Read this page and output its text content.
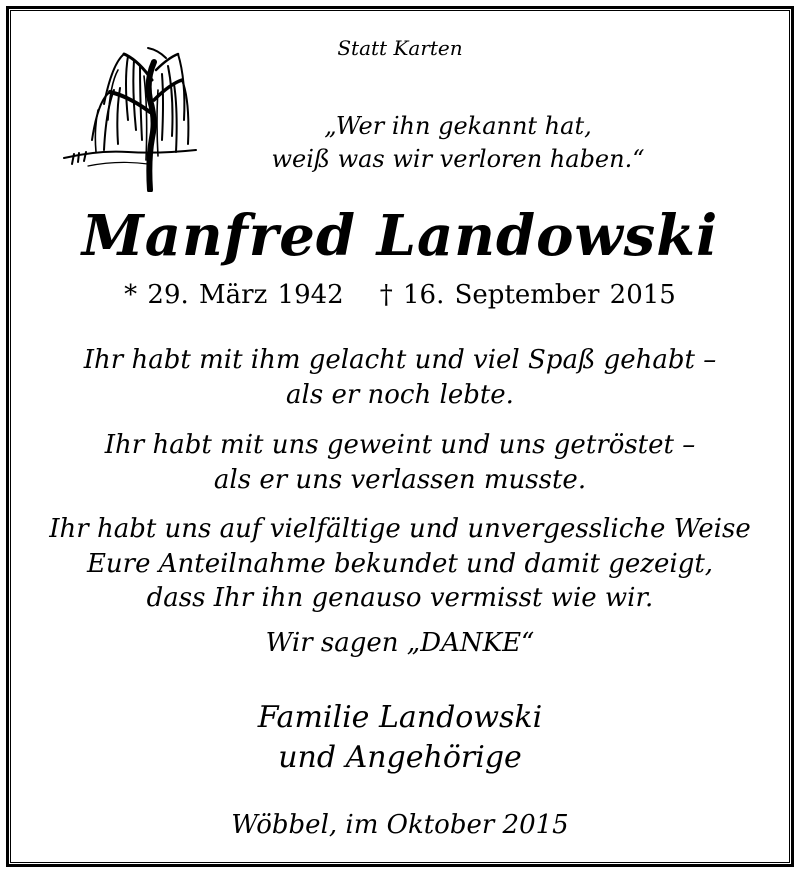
Statt Karten
„Wer ihn gekannt hat,
weiß was wir verloren haben.“
Manfred Landowski
* 29. März 1942 † 16. September 2015
Ihr habt mit ihm gelacht und viel Spaß gehabt –
als er noch lebte.
Ihr habt mit uns geweint und uns getröstet –
als er uns verlassen musste.
Ihr habt uns auf vielfältige und unvergessliche Weise
Eure Anteilnahme bekundet und damit gezeigt,
dass Ihr ihn genauso vermisst wie wir.
Wir sagen „DANKE“
Familie Landowski
und Angehörige
Wöbbel, im Oktober 2015
